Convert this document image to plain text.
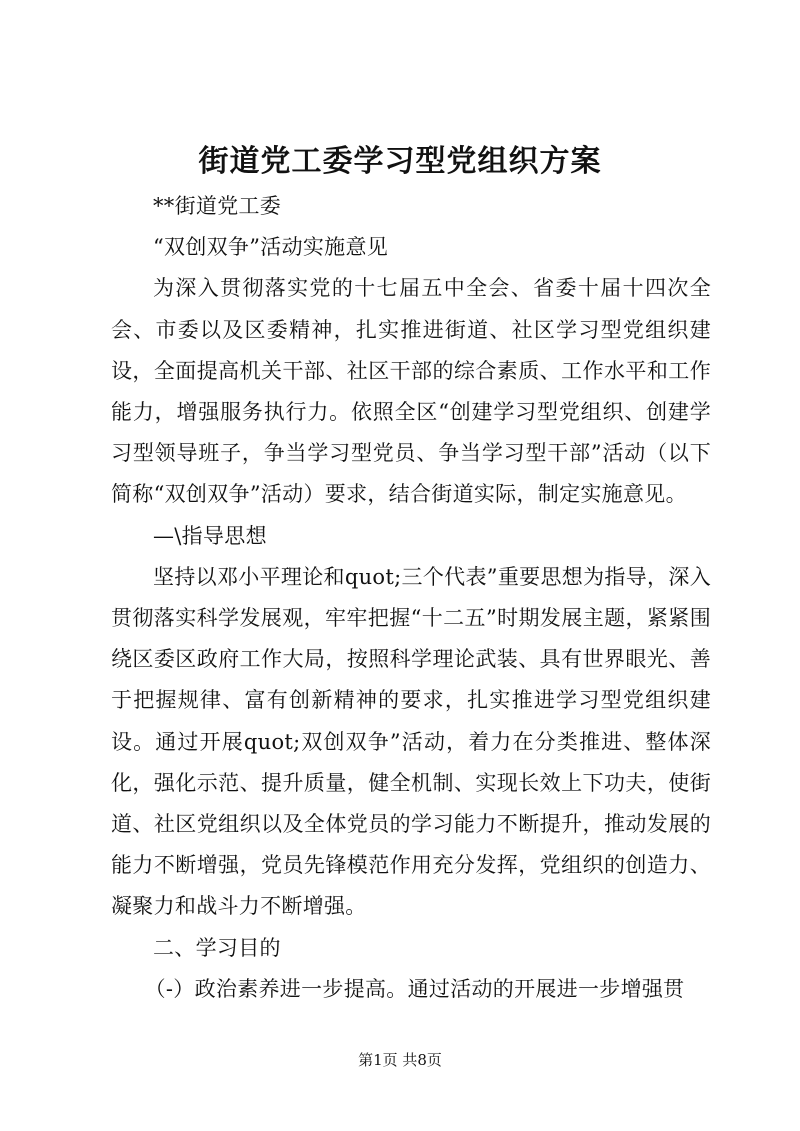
街道党工委学习型党组织方案

**街道党工委

“双创双争”活动实施意见

为深入贯彻落实党的十七届五中全会、省委十届十四次全会、市委以及区委精神，扎实推进街道、社区学习型党组织建设，全面提高机关干部、社区干部的综合素质、工作水平和工作能力，增强服务执行力。依照全区“创建学习型党组织、创建学习型领导班子，争当学习型党员、争当学习型干部”活动（以下简称“双创双争”活动）要求，结合街道实际，制定实施意见。

—\指导思想

坚持以邓小平理论和quot;三个代表”重要思想为指导，深入贯彻落实科学发展观，牢牢把握“十二五”时期发展主题，紧紧围绕区委区政府工作大局，按照科学理论武装、具有世界眼光、善于把握规律、富有创新精神的要求，扎实推进学习型党组织建设。通过开展quot;双创双争”活动，着力在分类推进、整体深化，强化示范、提升质量，健全机制、实现长效上下功夫，使街道、社区党组织以及全体党员的学习能力不断提升，推动发展的能力不断增强，党员先锋模范作用充分发挥，党组织的创造力、凝聚力和战斗力不断增强。

二、学习目的

（-）政治素养进一步提高。通过活动的开展进一步增强贯

第1页 共8页
